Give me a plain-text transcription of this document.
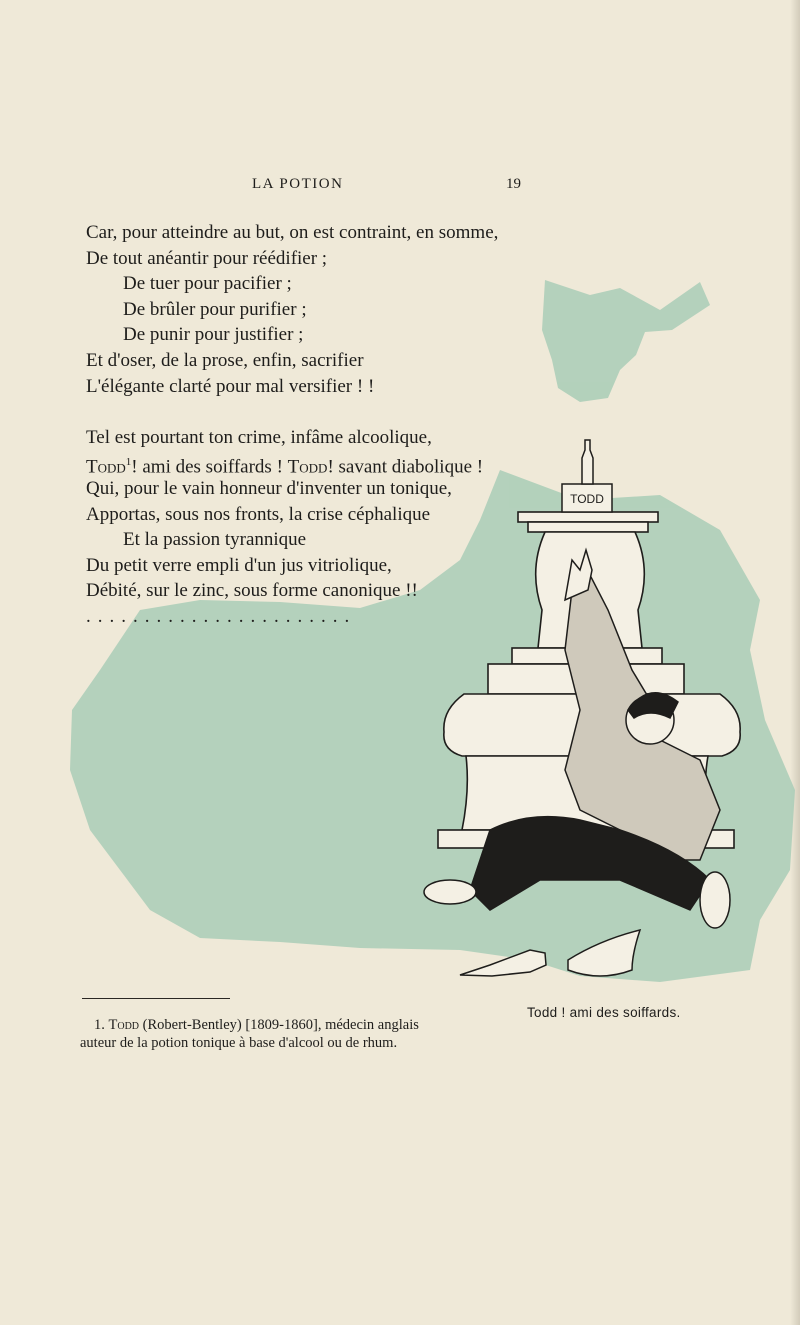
TODD
LA POTION	19
Car, pour atteindre au but, on est contraint, en somme,
De tout anéantir pour réédifier ;
De tuer pour pacifier ;
De brûler pour purifier ;
De punir pour justifier ;
Et d'oser, de la prose, enfin, sacrifier
L'élégante clarté pour mal versifier ! !
Tel est pourtant ton crime, infâme alcoolique,
Todd$^1$! ami des soiffards ! Todd! savant diabolique !
Qui, pour le vain honneur d'inventer un tonique,
Apportas, sous nos fronts, la crise céphalique
Et la passion tyrannique
Du petit verre empli d'un jus vitriolique,
Débité, sur le zinc, sous forme canonique !!
.......................
Todd ! ami des soiffards.
1. Todd (Robert-Bentley) [1809-1860], médecin anglais
auteur de la potion tonique à base d'alcool ou de rhum.
